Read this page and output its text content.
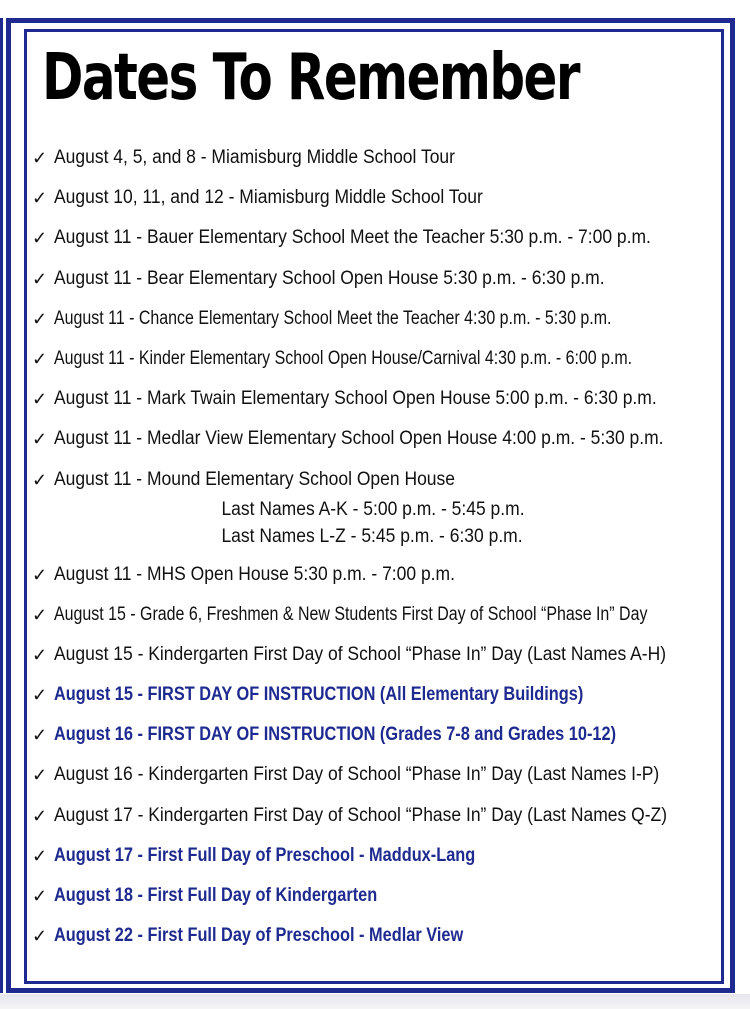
Dates To Remember
✓ August 4, 5, and 8 - Miamisburg Middle School Tour
✓ August 10, 11, and 12 - Miamisburg Middle School Tour
✓ August 11 - Bauer Elementary School Meet the Teacher 5:30 p.m. - 7:00 p.m.
✓ August 11 - Bear Elementary School Open House 5:30 p.m. - 6:30 p.m.
✓ August 11 - Chance Elementary School Meet the Teacher 4:30 p.m. - 5:30 p.m.
✓ August 11 - Kinder Elementary School Open House/Carnival 4:30 p.m. - 6:00 p.m.
✓ August 11 - Mark Twain Elementary School Open House 5:00 p.m. - 6:30 p.m.
✓ August 11 - Medlar View Elementary School Open House 4:00 p.m. - 5:30 p.m.
✓ August 11 - Mound Elementary School Open House
Last Names A-K - 5:00 p.m. - 5:45 p.m.
Last Names L-Z - 5:45 p.m. - 6:30 p.m.
✓ August 11 - MHS Open House 5:30 p.m. - 7:00 p.m.
✓ August 15 - Grade 6, Freshmen & New Students First Day of School “Phase In” Day
✓ August 15 - Kindergarten First Day of School “Phase In” Day (Last Names A-H)
✓ August 15 - FIRST DAY OF INSTRUCTION (All Elementary Buildings)
✓ August 16 - FIRST DAY OF INSTRUCTION (Grades 7-8 and Grades 10-12)
✓ August 16 - Kindergarten First Day of School “Phase In” Day (Last Names I-P)
✓ August 17 - Kindergarten First Day of School “Phase In” Day (Last Names Q-Z)
✓ August 17 - First Full Day of Preschool - Maddux-Lang
✓ August 18 - First Full Day of Kindergarten
✓ August 22 - First Full Day of Preschool - Medlar View
